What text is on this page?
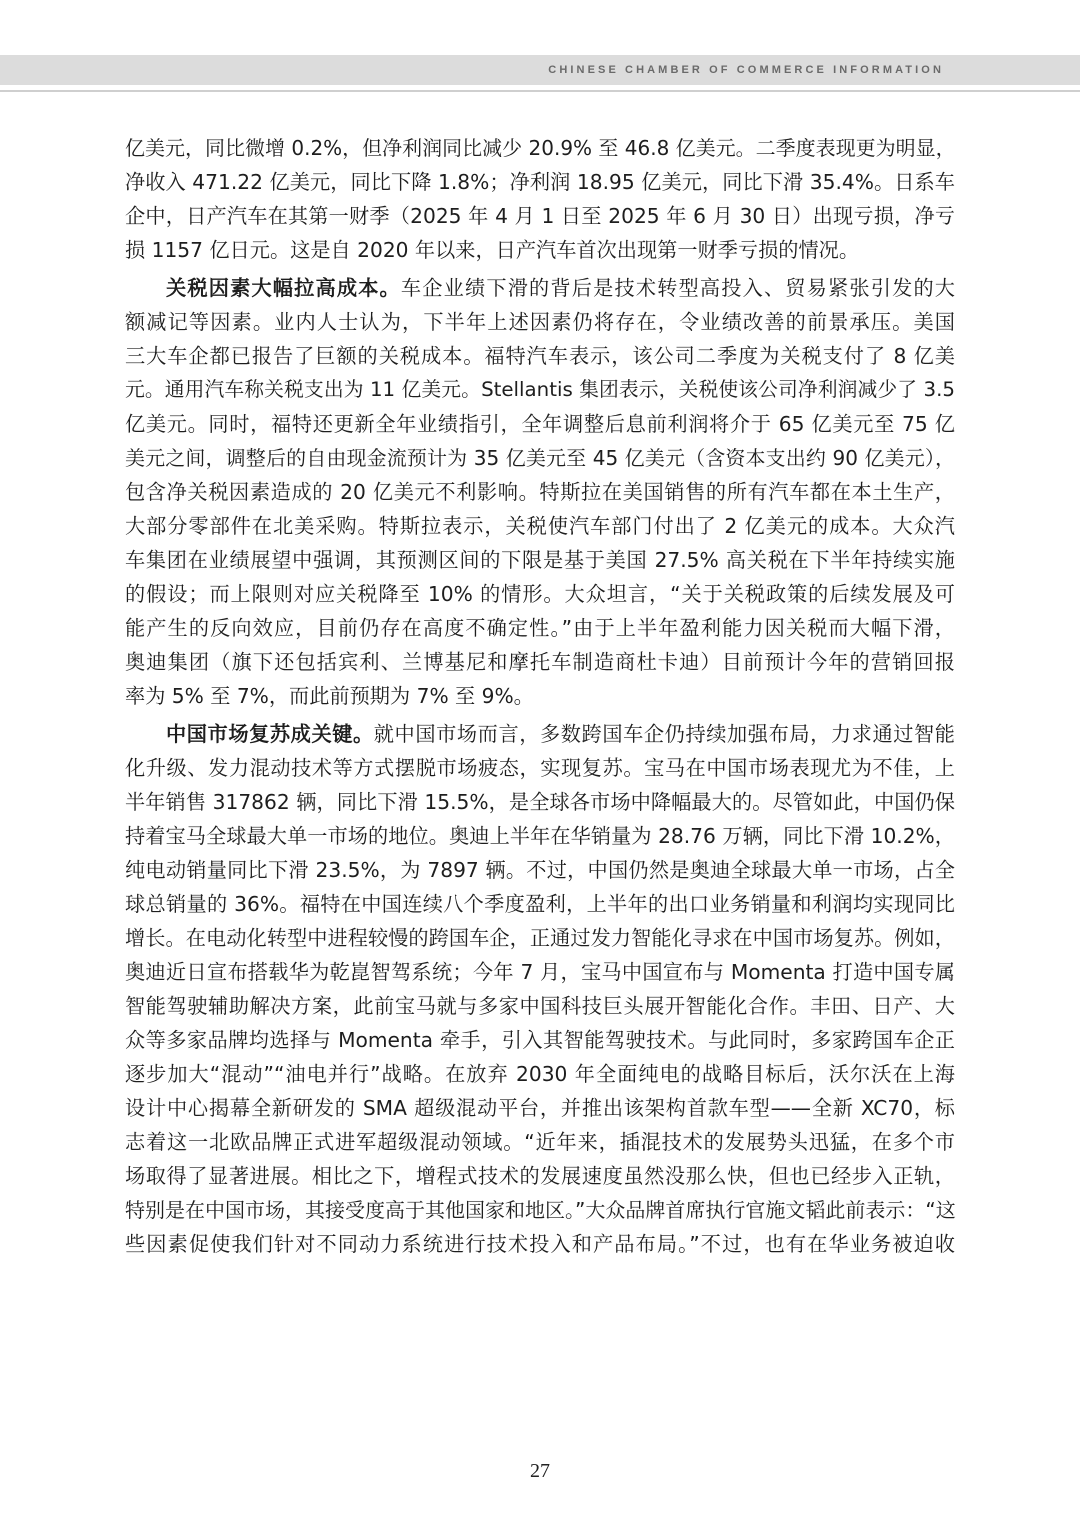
CHINESE CHAMBER OF COMMERCE INFORMATION
亿美元，同比微增 0.2%，但净利润同比减少 20.9% 至 46.8 亿美元。二季度表现更为明显，
净收入 471.22 亿美元，同比下降 1.8%；净利润 18.95 亿美元，同比下滑 35.4%。日系车
企中，日产汽车在其第一财季（2025 年 4 月 1 日至 2025 年 6 月 30 日）出现亏损，净亏
损 1157 亿日元。这是自 2020 年以来，日产汽车首次出现第一财季亏损的情况。
关税因素大幅拉高成本。车企业绩下滑的背后是技术转型高投入、贸易紧张引发的大
额减记等因素。业内人士认为，下半年上述因素仍将存在，令业绩改善的前景承压。美国
三大车企都已报告了巨额的关税成本。福特汽车表示，该公司二季度为关税支付了 8 亿美
元。通用汽车称关税支出为 11 亿美元。Stellantis 集团表示，关税使该公司净利润减少了 3.5
亿美元。同时，福特还更新全年业绩指引，全年调整后息前利润将介于 65 亿美元至 75 亿
美元之间，调整后的自由现金流预计为 35 亿美元至 45 亿美元（含资本支出约 90 亿美元），
包含净关税因素造成的 20 亿美元不利影响。特斯拉在美国销售的所有汽车都在本土生产，
大部分零部件在北美采购。特斯拉表示，关税使汽车部门付出了 2 亿美元的成本。大众汽
车集团在业绩展望中强调，其预测区间的下限是基于美国 27.5% 高关税在下半年持续实施
的假设；而上限则对应关税降至 10% 的情形。大众坦言，“关于关税政策的后续发展及可
能产生的反向效应，目前仍存在高度不确定性。”由于上半年盈利能力因关税而大幅下滑，
奥迪集团（旗下还包括宾利、兰博基尼和摩托车制造商杜卡迪）目前预计今年的营销回报
率为 5% 至 7%，而此前预期为 7% 至 9%。
中国市场复苏成关键。就中国市场而言，多数跨国车企仍持续加强布局，力求通过智能
化升级、发力混动技术等方式摆脱市场疲态，实现复苏。宝马在中国市场表现尤为不佳，上
半年销售 317862 辆，同比下滑 15.5%，是全球各市场中降幅最大的。尽管如此，中国仍保
持着宝马全球最大单一市场的地位。奥迪上半年在华销量为 28.76 万辆，同比下滑 10.2%，
纯电动销量同比下滑 23.5%，为 7897 辆。不过，中国仍然是奥迪全球最大单一市场，占全
球总销量的 36%。福特在中国连续八个季度盈利，上半年的出口业务销量和利润均实现同比
增长。在电动化转型中进程较慢的跨国车企，正通过发力智能化寻求在中国市场复苏。例如，
奥迪近日宣布搭载华为乾崑智驾系统；今年 7 月，宝马中国宣布与 Momenta 打造中国专属
智能驾驶辅助解决方案，此前宝马就与多家中国科技巨头展开智能化合作。丰田、日产、大
众等多家品牌均选择与 Momenta 牵手，引入其智能驾驶技术。与此同时，多家跨国车企正
逐步加大“混动”“油电并行”战略。在放弃 2030 年全面纯电的战略目标后，沃尔沃在上海
设计中心揭幕全新研发的 SMA 超级混动平台，并推出该架构首款车型——全新 XC70，标
志着这一北欧品牌正式进军超级混动领域。“近年来，插混技术的发展势头迅猛，在多个市
场取得了显著进展。相比之下，增程式技术的发展速度虽然没那么快，但也已经步入正轨，
特别是在中国市场，其接受度高于其他国家和地区。”大众品牌首席执行官施文韬此前表示：“这
些因素促使我们针对不同动力系统进行技术投入和产品布局。”不过，也有在华业务被迫收
27
